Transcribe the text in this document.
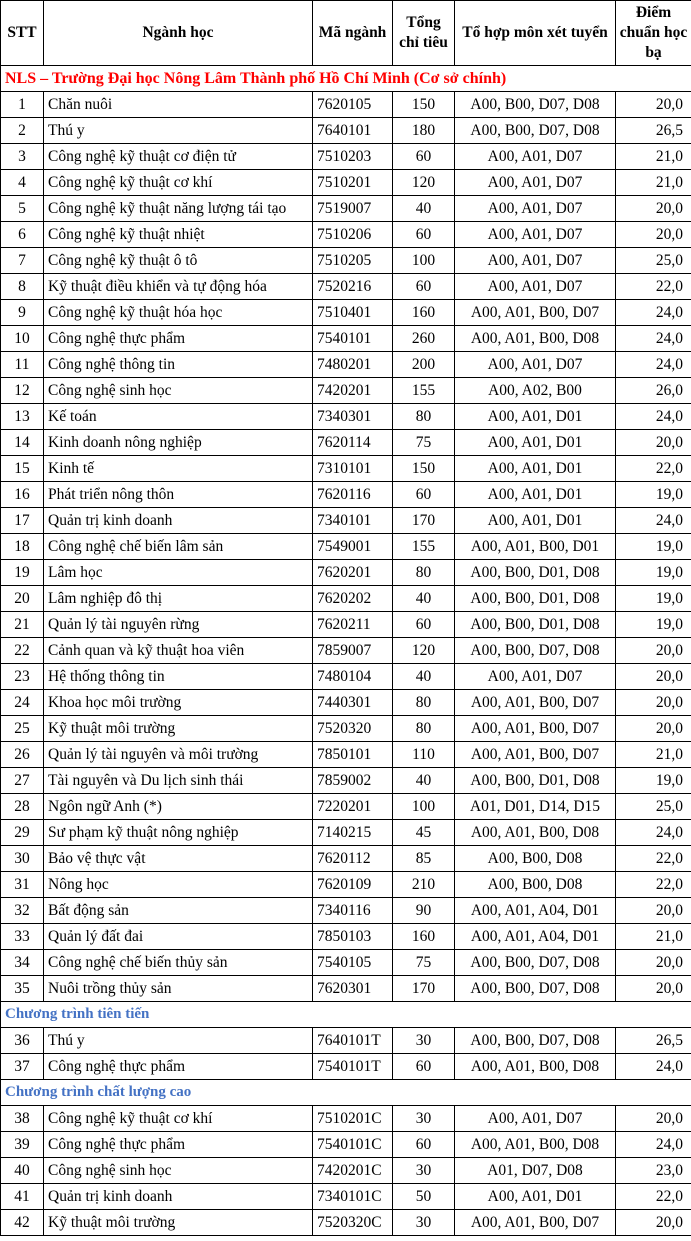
STT	Ngành học	Mã ngành	Tổng chỉ tiêu	Tổ hợp môn xét tuyển	Điểm chuẩn học bạ
NLS – Trường Đại học Nông Lâm Thành phố Hồ Chí Minh (Cơ sở chính)					
1	Chăn nuôi	7620105	150	A00, B00, D07, D08	20,0
2	Thú y	7640101	180	A00, B00, D07, D08	26,5
3	Công nghệ kỹ thuật cơ điện tử	7510203	60	A00, A01, D07	21,0
4	Công nghệ kỹ thuật cơ khí	7510201	120	A00, A01, D07	21,0
5	Công nghệ kỹ thuật năng lượng tái tạo	7519007	40	A00, A01, D07	20,0
6	Công nghệ kỹ thuật nhiệt	7510206	60	A00, A01, D07	20,0
7	Công nghệ kỹ thuật ô tô	7510205	100	A00, A01, D07	25,0
8	Kỹ thuật điều khiển và tự động hóa	7520216	60	A00, A01, D07	22,0
9	Công nghệ kỹ thuật hóa học	7510401	160	A00, A01, B00, D07	24,0
10	Công nghệ thực phẩm	7540101	260	A00, A01, B00, D08	24,0
11	Công nghệ thông tin	7480201	200	A00, A01, D07	24,0
12	Công nghệ sinh học	7420201	155	A00, A02, B00	26,0
13	Kế toán	7340301	80	A00, A01, D01	24,0
14	Kinh doanh nông nghiệp	7620114	75	A00, A01, D01	20,0
15	Kinh tế	7310101	150	A00, A01, D01	22,0
16	Phát triển nông thôn	7620116	60	A00, A01, D01	19,0
17	Quản trị kinh doanh	7340101	170	A00, A01, D01	24,0
18	Công nghệ chế biến lâm sản	7549001	155	A00, A01, B00, D01	19,0
19	Lâm học	7620201	80	A00, B00, D01, D08	19,0
20	Lâm nghiệp đô thị	7620202	40	A00, B00, D01, D08	19,0
21	Quản lý tài nguyên rừng	7620211	60	A00, B00, D01, D08	19,0
22	Cảnh quan và kỹ thuật hoa viên	7859007	120	A00, B00, D07, D08	20,0
23	Hệ thống thông tin	7480104	40	A00, A01, D07	20,0
24	Khoa học môi trường	7440301	80	A00, A01, B00, D07	20,0
25	Kỹ thuật môi trường	7520320	80	A00, A01, B00, D07	20,0
26	Quản lý tài nguyên và môi trường	7850101	110	A00, A01, B00, D07	21,0
27	Tài nguyên và Du lịch sinh thái	7859002	40	A00, B00, D01, D08	19,0
28	Ngôn ngữ Anh (*)	7220201	100	A01, D01, D14, D15	25,0
29	Sư phạm kỹ thuật nông nghiệp	7140215	45	A00, A01, B00, D08	24,0
30	Bảo vệ thực vật	7620112	85	A00, B00, D08	22,0
31	Nông học	7620109	210	A00, B00, D08	22,0
32	Bất động sản	7340116	90	A00, A01, A04, D01	20,0
33	Quản lý đất đai	7850103	160	A00, A01, A04, D01	21,0
34	Công nghệ chế biến thủy sản	7540105	75	A00, B00, D07, D08	20,0
35	Nuôi trồng thủy sản	7620301	170	A00, B00, D07, D08	20,0
Chương trình tiên tiến					
36	Thú y	7640101T	30	A00, B00, D07, D08	26,5
37	Công nghệ thực phẩm	7540101T	60	A00, A01, B00, D08	24,0
Chương trình chất lượng cao					
38	Công nghệ kỹ thuật cơ khí	7510201C	30	A00, A01, D07	20,0
39	Công nghệ thực phẩm	7540101C	60	A00, A01, B00, D08	24,0
40	Công nghệ sinh học	7420201C	30	A01, D07, D08	23,0
41	Quản trị kinh doanh	7340101C	50	A00, A01, D01	22,0
42	Kỹ thuật môi trường	7520320C	30	A00, A01, B00, D07	20,0
